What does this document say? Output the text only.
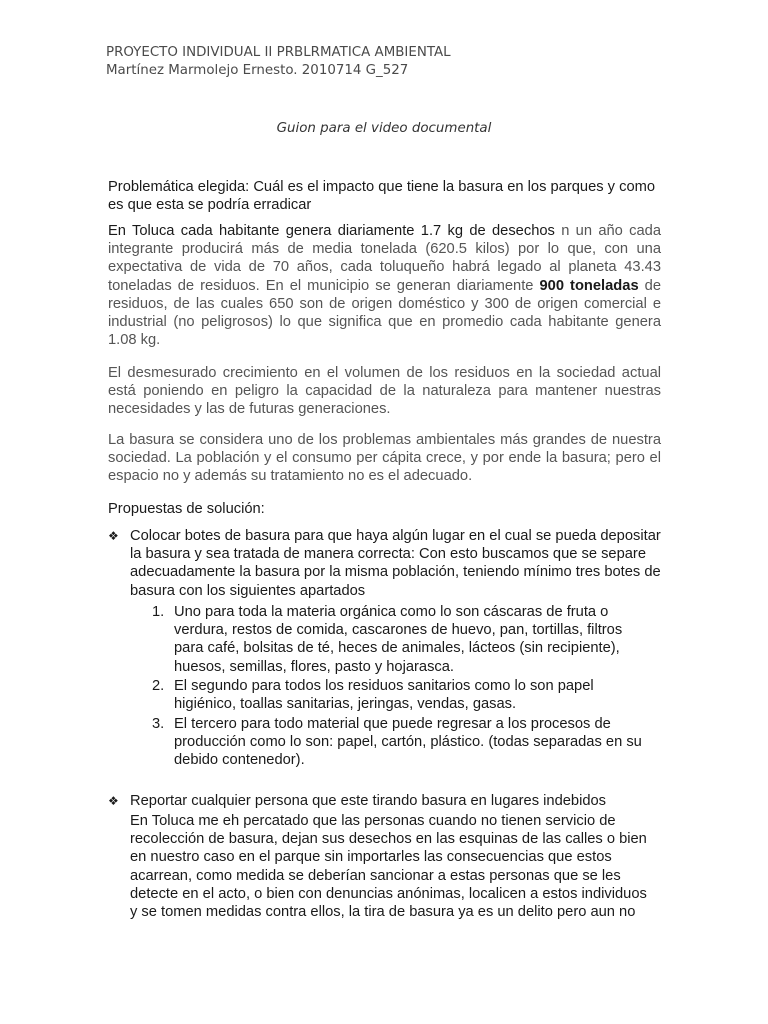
PROYECTO INDIVIDUAL II PRBLRMATICA AMBIENTAL
Martínez Marmolejo Ernesto. 2010714 G_527
Guion para el video documental
Problemática elegida: Cuál es el impacto que tiene la basura en los parques y como es que esta se podría erradicar
En Toluca cada habitante genera diariamente 1.7 kg de desechos n un año cada integrante producirá más de media tonelada (620.5 kilos) por lo que, con una expectativa de vida de 70 años, cada toluqueño habrá legado al planeta 43.43 toneladas de residuos. En el municipio se generan diariamente 900 toneladas de residuos, de las cuales 650 son de origen doméstico y 300 de origen comercial e industrial (no peligrosos) lo que significa que en promedio cada habitante genera 1.08 kg.
El desmesurado crecimiento en el volumen de los residuos en la sociedad actual está poniendo en peligro la capacidad de la naturaleza para mantener nuestras necesidades y las de futuras generaciones.
La basura se considera uno de los problemas ambientales más grandes de nuestra sociedad. La población y el consumo per cápita crece, y por ende la basura; pero el espacio no y además su tratamiento no es el adecuado.
Propuestas de solución:
❖ Colocar botes de basura para que haya algún lugar en el cual se pueda depositar la basura y sea tratada de manera correcta: Con esto buscamos que se separe adecuadamente la basura por la misma población, teniendo mínimo tres botes de basura con los siguientes apartados
1. Uno para toda la materia orgánica como lo son cáscaras de fruta o verdura, restos de comida, cascarones de huevo, pan, tortillas, filtros para café, bolsitas de té, heces de animales, lácteos (sin recipiente), huesos, semillas, flores, pasto y hojarasca.
2. El segundo para todos los residuos sanitarios como lo son papel higiénico, toallas sanitarias, jeringas, vendas, gasas.
3. El tercero para todo material que puede regresar a los procesos de producción como lo son: papel, cartón, plástico. (todas separadas en su debido contenedor).
❖ Reportar cualquier persona que este tirando basura en lugares indebidos
En Toluca me eh percatado que las personas cuando no tienen servicio de recolección de basura, dejan sus desechos en las esquinas de las calles o bien en nuestro caso en el parque sin importarles las consecuencias que estos acarrean, como medida se deberían sancionar a estas personas que se les detecte en el acto, o bien con denuncias anónimas, localicen a estos individuos y se tomen medidas contra ellos, la tira de basura ya es un delito pero aun no
